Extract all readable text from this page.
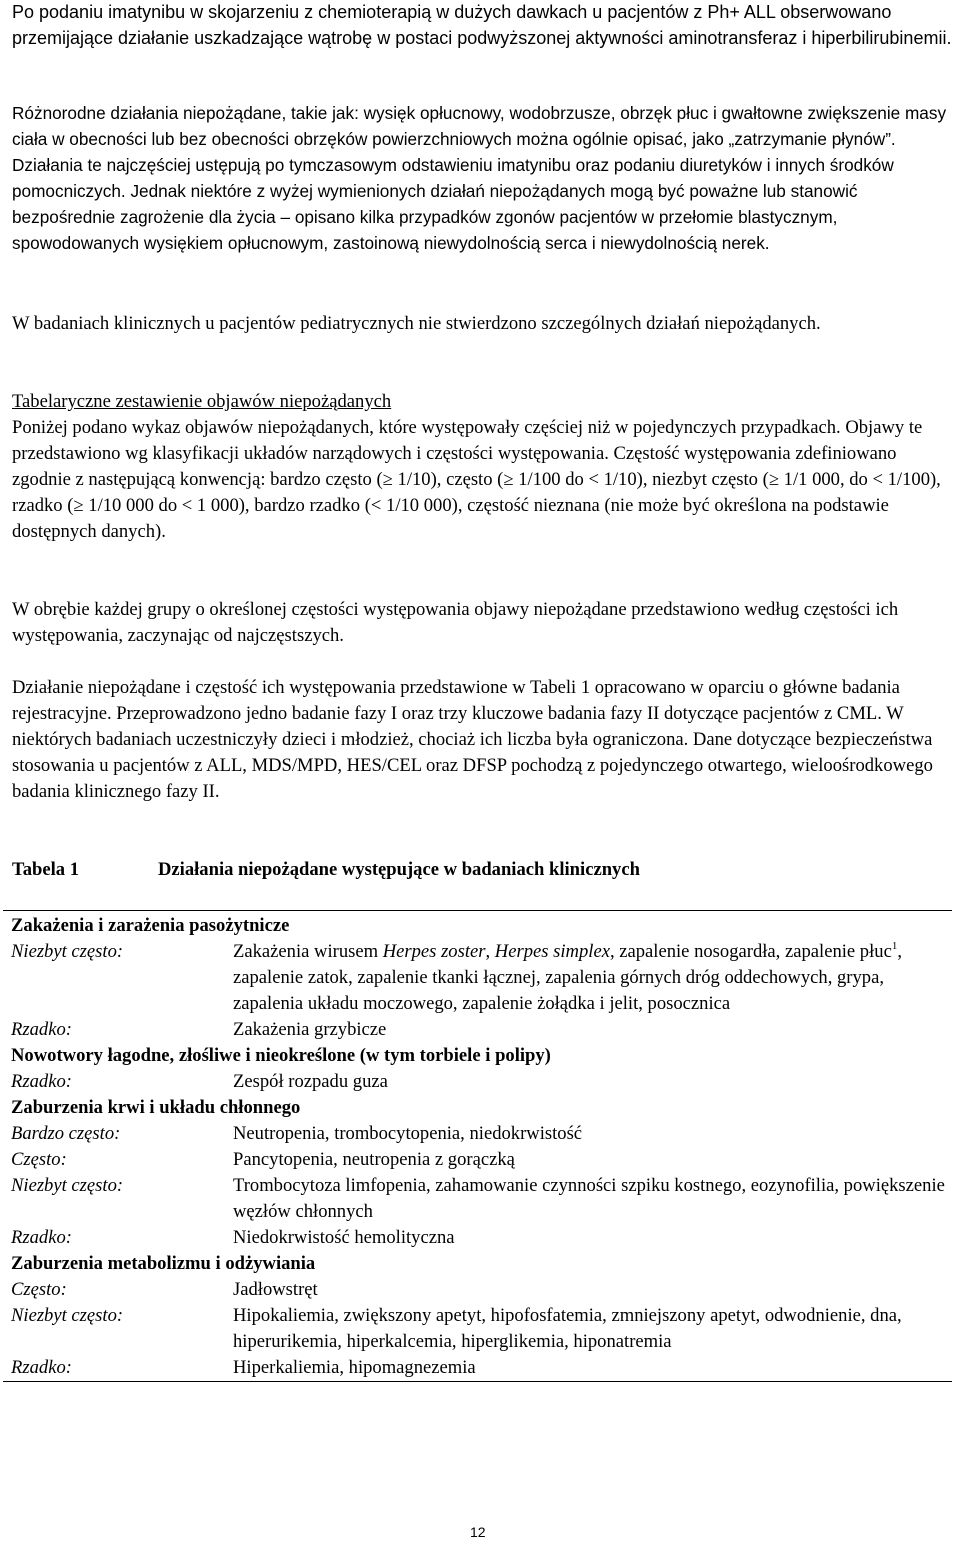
Po podaniu imatynibu w skojarzeniu z chemioterapią w dużych dawkach u pacjentów z Ph+ ALL obserwowano przemijające działanie uszkadzające wątrobę w postaci podwyższonej aktywności aminotransferaz i hiperbilirubinemii.

Różnorodne działania niepożądane, takie jak: wysięk opłucnowy, wodobrzusze, obrzęk płuc i gwałtowne zwiększenie masy ciała w obecności lub bez obecności obrzęków powierzchniowych można ogólnie opisać, jako „zatrzymanie płynów”. Działania te najczęściej ustępują po tymczasowym odstawieniu imatynibu oraz podaniu diuretyków i innych środków pomocniczych. Jednak niektóre z wyżej wymienionych działań niepożądanych mogą być poważne lub stanowić bezpośrednie zagrożenie dla życia – opisano kilka przypadków zgonów pacjentów w przełomie blastycznym, spowodowanych wysiękiem opłucnowym, zastoinową niewydolnością serca i niewydolnością nerek.

W badaniach klinicznych u pacjentów pediatrycznych nie stwierdzono szczególnych działań niepożądanych.

Tabelaryczne zestawienie objawów niepożądanych

Poniżej podano wykaz objawów niepożądanych, które występowały częściej niż w pojedynczych przypadkach. Objawy te przedstawiono wg klasyfikacji układów narządowych i częstości występowania. Częstość występowania zdefiniowano zgodnie z następującą konwencją: bardzo często (≥ 1/10), często (≥ 1/100 do < 1/10), niezbyt często (≥ 1/1 000, do < 1/100), rzadko (≥ 1/10 000 do < 1 000), bardzo rzadko (< 1/10 000), częstość nieznana (nie może być określona na podstawie dostępnych danych).

W obrębie każdej grupy o określonej częstości występowania objawy niepożądane przedstawiono według częstości ich występowania, zaczynając od najczęstszych.

Działanie niepożądane i częstość ich występowania przedstawione w Tabeli 1 opracowano w oparciu o główne badania rejestracyjne. Przeprowadzono jedno badanie fazy I oraz trzy kluczowe badania fazy II dotyczące pacjentów z CML. W niektórych badaniach uczestniczyły dzieci i młodzież, chociaż ich liczba była ograniczona. Dane dotyczące bezpieczeństwa stosowania u pacjentów z ALL, MDS/MPD, HES/CEL oraz DFSP pochodzą z pojedynczego otwartego, wieloośrodkowego badania klinicznego fazy II.

Tabela 1	Działania niepożądane występujące w badaniach klinicznych
Zakażenia i zarażenia pasożytnicze	
Niezbyt często:	Zakażenia wirusem Herpes zoster, Herpes simplex, zapalenie nosogardła, zapalenie płuc$^1$, zapalenie zatok, zapalenie tkanki łącznej, zapalenia górnych dróg oddechowych, grypa, zapalenia układu moczowego, zapalenie żołądka i jelit, posocznica
Rzadko:	Zakażenia grzybicze
Nowotwory łagodne, złośliwe i nieokreślone (w tym torbiele i polipy)	
Rzadko:	Zespół rozpadu guza
Zaburzenia krwi i układu chłonnego	
Bardzo często:	Neutropenia, trombocytopenia, niedokrwistość
Często:	Pancytopenia, neutropenia z gorączką
Niezbyt często:	Trombocytoza limfopenia, zahamowanie czynności szpiku kostnego, eozynofilia, powiększenie węzłów chłonnych
Rzadko:	Niedokrwistość hemolityczna
Zaburzenia metabolizmu i odżywiania	
Często:	Jadłowstręt
Niezbyt często:	Hipokaliemia, zwiększony apetyt, hipofosfatemia, zmniejszony apetyt, odwodnienie, dna, hiperurikemia, hiperkalcemia, hiperglikemia, hiponatremia
Rzadko:	Hiperkaliemia, hipomagnezemia
12
